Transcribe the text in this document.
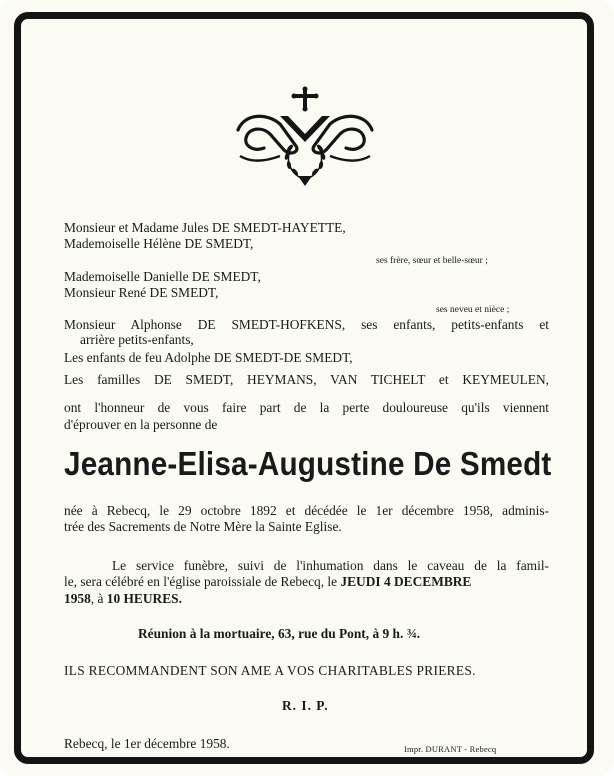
Monsieur et Madame Jules DE SMEDT-HAYETTE,
Mademoiselle Hélène DE SMEDT,
ses frère, sœur et belle-sœur ;
Mademoiselle Danielle DE SMEDT,
Monsieur René DE SMEDT,
ses neveu et nièce ;
Monsieur Alphonse DE SMEDT-HOFKENS, ses enfants, petits-enfants et
arrière petits-enfants,
Les enfants de feu Adolphe DE SMEDT-DE SMEDT,
Les familles DE SMEDT, HEYMANS, VAN TICHELT et KEYMEULEN,
ont l'honneur de vous faire part de la perte douloureuse qu'ils viennent
d'éprouver en la personne de
Jeanne-Elisa-Augustine De Smedt
née à Rebecq, le 29 octobre 1892 et décédée le 1er décembre 1958, adminis-
trée des Sacrements de Notre Mère la Sainte Eglise.
Le service funèbre, suivi de l'inhumation dans le caveau de la famil-
le, sera célébré en l'église paroissiale de Rebecq, le JEUDI 4 DECEMBRE
1958, à 10 HEURES.
Réunion à la mortuaire, 63, rue du Pont, à 9 h. ¾.
ILS RECOMMANDENT SON AME A VOS CHARITABLES PRIERES.
R. I. P.
Rebecq, le 1er décembre 1958.	Impr. DURANT - Rebecq
